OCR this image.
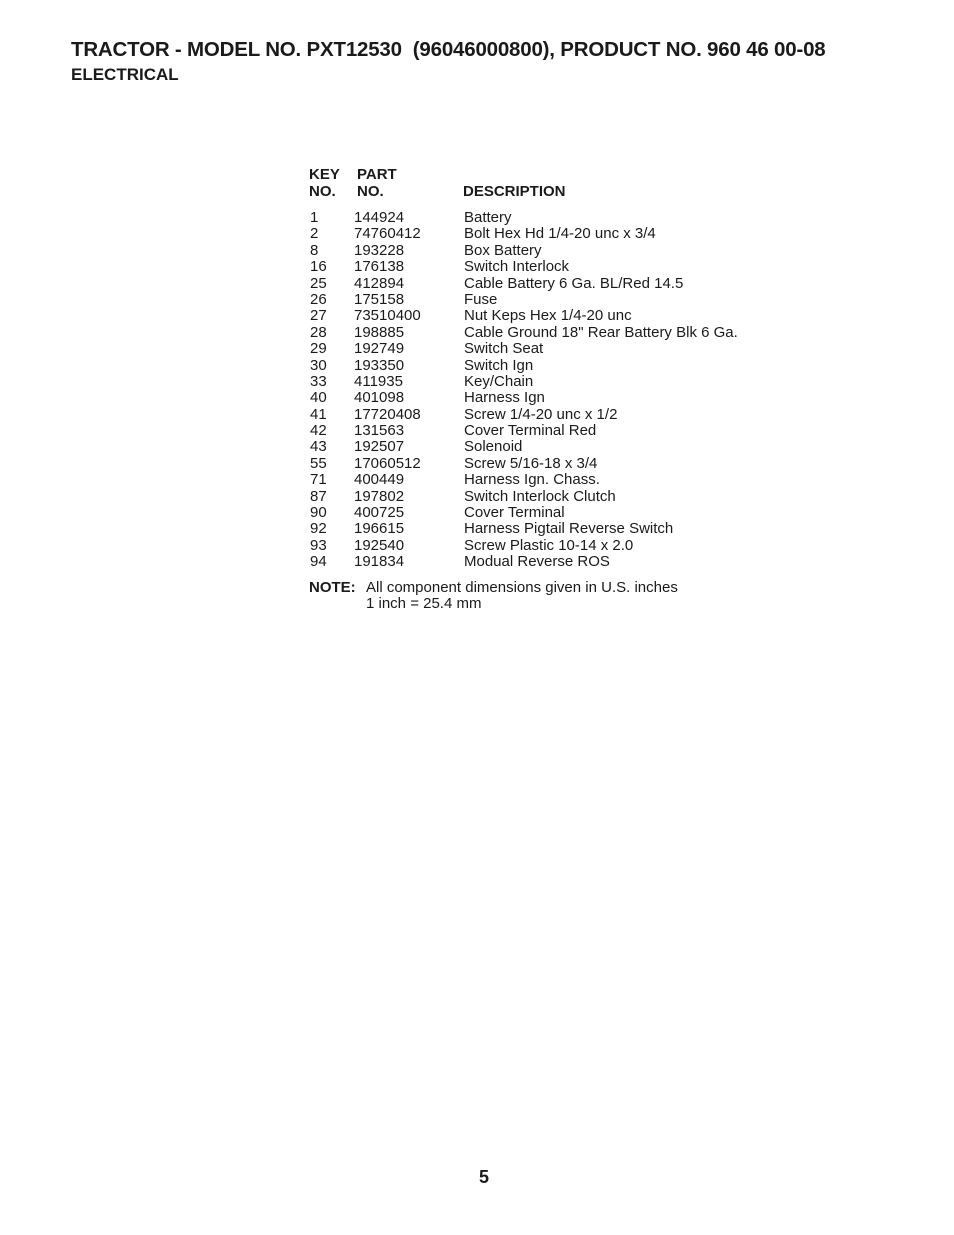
TRACTOR - MODEL NO. PXT12530  (96046000800), PRODUCT NO. 960 46 00-08
ELECTRICAL
KEY
NO.
PART
NO.	DESCRIPTION
1 144924	Battery
2 74760412	Bolt Hex Hd 1/4-20 unc x 3/4
8 193228	Box Battery
16 176138	Switch Interlock
25 412894	Cable Battery 6 Ga. BL/Red 14.5
26 175158	Fuse
27 73510400	Nut Keps Hex 1/4-20 unc
28 198885	Cable Ground 18" Rear Battery Blk 6 Ga.
29 192749	Switch Seat
30 193350	Switch Ign
33 411935	Key/Chain
40 401098	Harness Ign
41 17720408	Screw 1/4-20 unc x 1/2
42 131563	Cover Terminal Red
43 192507	Solenoid
55 17060512	Screw 5/16-18 x 3/4
71 400449	Harness Ign. Chass.
87 197802	Switch Interlock Clutch
90 400725	Cover Terminal
92 196615	Harness Pigtail Reverse Switch
93 192540	Screw Plastic 10-14 x 2.0
94 191834	Modual Reverse ROS
NOTE: All component dimensions given in U.S. inches
1 inch = 25.4 mm
5
